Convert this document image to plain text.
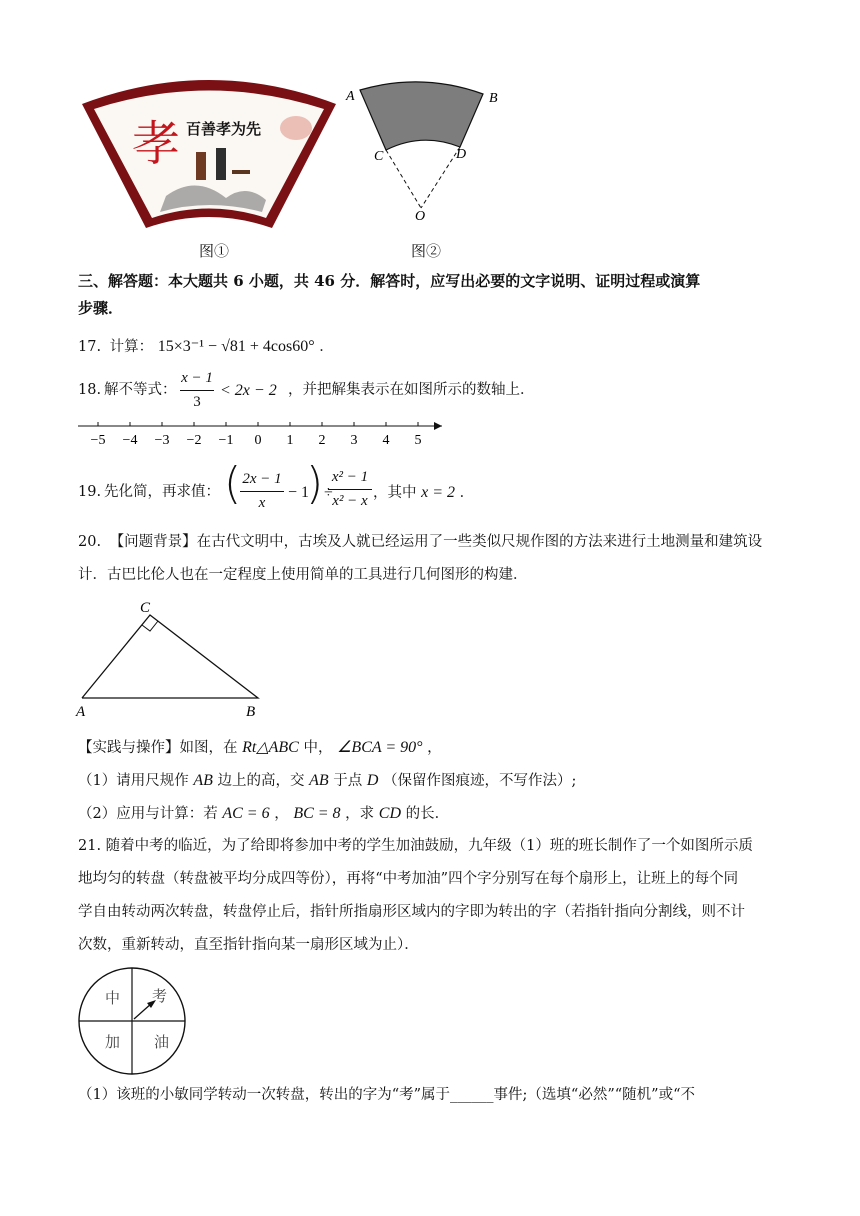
孝 百善孝为先
图①
A	B
C	D
O
图②
三、解答题：本大题共 6 小题，共 46 分．解答时，应写出必要的文字说明、证明过程或演算
步骤．
17. 计算： 15×3⁻¹ − √81 + 4cos60° ．
18. 解不等式：
x − 1
3
< 2x − 2 ，并把解集表示在如图所示的数轴上．
−5 −4 −3 −2 −1 0 1 2 3 4 5
19. 先化简，再求值： ( 2x − 1
x
− 1
) ÷
x² − 1
x² − x ，其中 x = 2 ．
20. 【问题背景】在古代文明中，古埃及人就已经运用了一些类似尺规作图的方法来进行土地测量和建筑设
计．古巴比伦人也在一定程度上使用简单的工具进行几何图形的构建．
C
A	B
【实践与操作】如图，在 Rt△ABC 中， ∠BCA = 90° ，
（1）请用尺规作 AB 边上的高，交 AB 于点 D （保留作图痕迹，不写作法）;
（2）应用与计算：若 AC = 6 ， BC = 8 ，求 CD 的长．
21. 随着中考的临近，为了给即将参加中考的学生加油鼓励，九年级（1）班的班长制作了一个如图所示质
地均匀的转盘（转盘被平均分成四等份），再将“中考加油”四个字分别写在每个扇形上，让班上的每个同
学自由转动两次转盘，转盘停止后，指针所指扇形区域内的字即为转出的字（若指针指向分割线，则不计
次数，重新转动，直至指针指向某一扇形区域为止）．
中 考
加 油
（1）该班的小敏同学转动一次转盘，转出的字为“考”属于______事件;（选填“必然”“随机”或“不
